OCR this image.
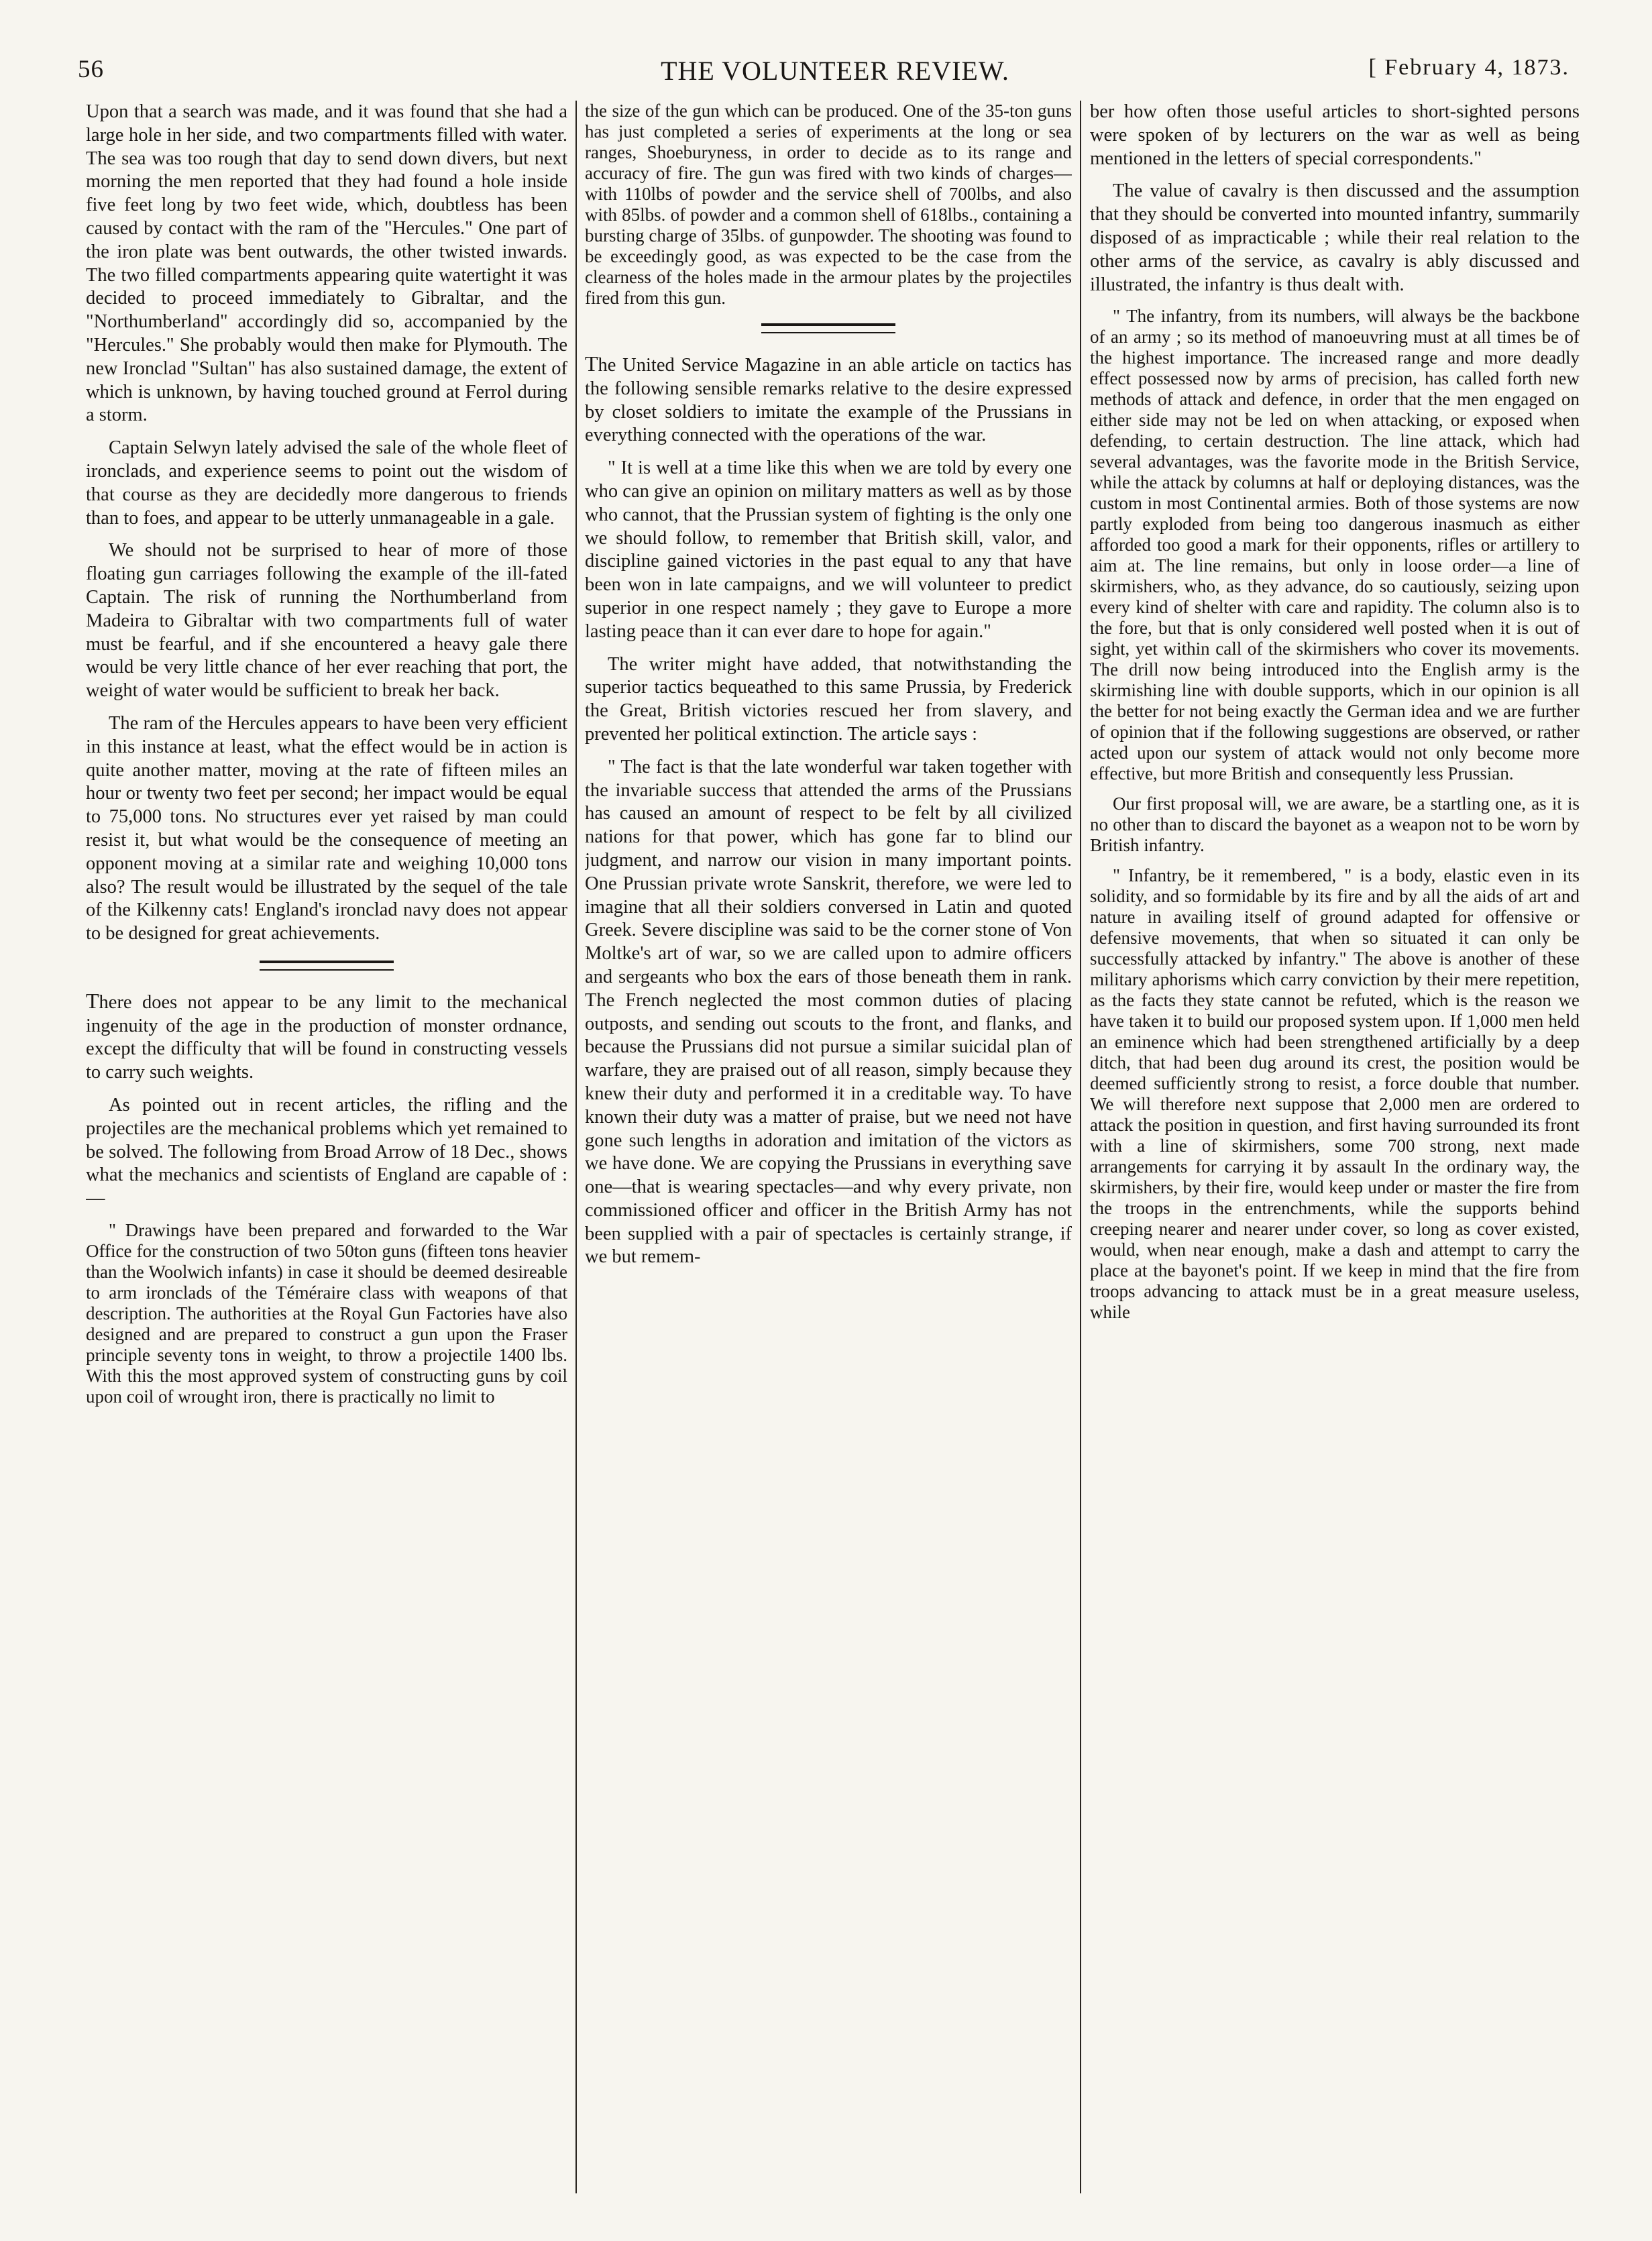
56	THE VOLUNTEER REVIEW.	[ February 4, 1873.

Upon that a search was made, and it was found that she had a large hole in her side, and two compartments filled with water. The sea was too rough that day to send down divers, but next morning the men reported that they had found a hole inside five feet long by two feet wide, which, doubtless has been caused by contact with the ram of the "Hercules." One part of the iron plate was bent outwards, the other twisted inwards. The two filled compartments appearing quite watertight it was decided to proceed immediately to Gibraltar, and the "Northumberland" accordingly did so, accompanied by the "Hercules." She probably would then make for Plymouth. The new Ironclad "Sultan" has also sustained damage, the extent of which is unknown, by having touched ground at Ferrol during a storm.

Captain Selwyn lately advised the sale of the whole fleet of ironclads, and experience seems to point out the wisdom of that course as they are decidedly more dangerous to friends than to foes, and appear to be utterly unmanageable in a gale.

We should not be surprised to hear of more of those floating gun carriages following the example of the ill-fated Captain. The risk of running the Northumberland from Madeira to Gibraltar with two compartments full of water must be fearful, and if she encountered a heavy gale there would be very little chance of her ever reaching that port, the weight of water would be sufficient to break her back.

The ram of the Hercules appears to have been very efficient in this instance at least, what the effect would be in action is quite another matter, moving at the rate of fifteen miles an hour or twenty two feet per second; her impact would be equal to 75,000 tons. No structures ever yet raised by man could resist it, but what would be the consequence of meeting an opponent moving at a similar rate and weighing 10,000 tons also? The result would be illustrated by the sequel of the tale of the Kilkenny cats! England's ironclad navy does not appear to be designed for great achievements.

There does not appear to be any limit to the mechanical ingenuity of the age in the production of monster ordnance, except the difficulty that will be found in constructing vessels to carry such weights.

As pointed out in recent articles, the rifling and the projectiles are the mechanical problems which yet remained to be solved. The following from Broad Arrow of 18 Dec., shows what the mechanics and scientists of England are capable of :—

" Drawings have been prepared and forwarded to the War Office for the construction of two 50ton guns (fifteen tons heavier than the Woolwich infants) in case it should be deemed desireable to arm ironclads of the Téméraire class with weapons of that description. The authorities at the Royal Gun Factories have also designed and are prepared to construct a gun upon the Fraser principle seventy tons in weight, to throw a projectile 1400 lbs. With this the most approved system of constructing guns by coil upon coil of wrought iron, there is practically no limit to

the size of the gun which can be produced. One of the 35-ton guns has just completed a series of experiments at the long or sea ranges, Shoeburyness, in order to decide as to its range and accuracy of fire. The gun was fired with two kinds of charges—with 110lbs of powder and the service shell of 700lbs, and also with 85lbs. of powder and a common shell of 618lbs., containing a bursting charge of 35lbs. of gunpowder. The shooting was found to be exceedingly good, as was expected to be the case from the clearness of the holes made in the armour plates by the projectiles fired from this gun.

The United Service Magazine in an able article on tactics has the following sensible remarks relative to the desire expressed by closet soldiers to imitate the example of the Prussians in everything connected with the operations of the war.

" It is well at a time like this when we are told by every one who can give an opinion on military matters as well as by those who cannot, that the Prussian system of fighting is the only one we should follow, to remember that British skill, valor, and discipline gained victories in the past equal to any that have been won in late campaigns, and we will volunteer to predict superior in one respect namely ; they gave to Europe a more lasting peace than it can ever dare to hope for again."

The writer might have added, that notwithstanding the superior tactics bequeathed to this same Prussia, by Frederick the Great, British victories rescued her from slavery, and prevented her political extinction. The article says :

" The fact is that the late wonderful war taken together with the invariable success that attended the arms of the Prussians has caused an amount of respect to be felt by all civilized nations for that power, which has gone far to blind our judgment, and narrow our vision in many important points. One Prussian private wrote Sanskrit, therefore, we were led to imagine that all their soldiers conversed in Latin and quoted Greek. Severe discipline was said to be the corner stone of Von Moltke's art of war, so we are called upon to admire officers and sergeants who box the ears of those beneath them in rank. The French neglected the most common duties of placing outposts, and sending out scouts to the front, and flanks, and because the Prussians did not pursue a similar suicidal plan of warfare, they are praised out of all reason, simply because they knew their duty and performed it in a creditable way. To have known their duty was a matter of praise, but we need not have gone such lengths in adoration and imitation of the victors as we have done. We are copying the Prussians in everything save one—that is wearing spectacles—and why every private, non commissioned officer and officer in the British Army has not been supplied with a pair of spectacles is certainly strange, if we but remem-

ber how often those useful articles to short-sighted persons were spoken of by lecturers on the war as well as being mentioned in the letters of special correspondents."

The value of cavalry is then discussed and the assumption that they should be converted into mounted infantry, summarily disposed of as impracticable ; while their real relation to the other arms of the service, as cavalry is ably discussed and illustrated, the infantry is thus dealt with.

" The infantry, from its numbers, will always be the backbone of an army ; so its method of manoeuvring must at all times be of the highest importance. The increased range and more deadly effect possessed now by arms of precision, has called forth new methods of attack and defence, in order that the men engaged on either side may not be led on when attacking, or exposed when defending, to certain destruction. The line attack, which had several advantages, was the favorite mode in the British Service, while the attack by columns at half or deploying distances, was the custom in most Continental armies. Both of those systems are now partly exploded from being too dangerous inasmuch as either afforded too good a mark for their opponents, rifles or artillery to aim at. The line remains, but only in loose order—a line of skirmishers, who, as they advance, do so cautiously, seizing upon every kind of shelter with care and rapidity. The column also is to the fore, but that is only considered well posted when it is out of sight, yet within call of the skirmishers who cover its movements. The drill now being introduced into the English army is the skirmishing line with double supports, which in our opinion is all the better for not being exactly the German idea and we are further of opinion that if the following suggestions are observed, or rather acted upon our system of attack would not only become more effective, but more British and consequently less Prussian.

Our first proposal will, we are aware, be a startling one, as it is no other than to discard the bayonet as a weapon not to be worn by British infantry.

" Infantry, be it remembered, " is a body, elastic even in its solidity, and so formidable by its fire and by all the aids of art and nature in availing itself of ground adapted for offensive or defensive movements, that when so situated it can only be successfully attacked by infantry." The above is another of these military aphorisms which carry conviction by their mere repetition, as the facts they state cannot be refuted, which is the reason we have taken it to build our proposed system upon. If 1,000 men held an eminence which had been strengthened artificially by a deep ditch, that had been dug around its crest, the position would be deemed sufficiently strong to resist, a force double that number. We will therefore next suppose that 2,000 men are ordered to attack the position in question, and first having surrounded its front with a line of skirmishers, some 700 strong, next made arrangements for carrying it by assault In the ordinary way, the skirmishers, by their fire, would keep under or master the fire from the troops in the entrenchments, while the supports behind creeping nearer and nearer under cover, so long as cover existed, would, when near enough, make a dash and attempt to carry the place at the bayonet's point. If we keep in mind that the fire from troops advancing to attack must be in a great measure useless, while
